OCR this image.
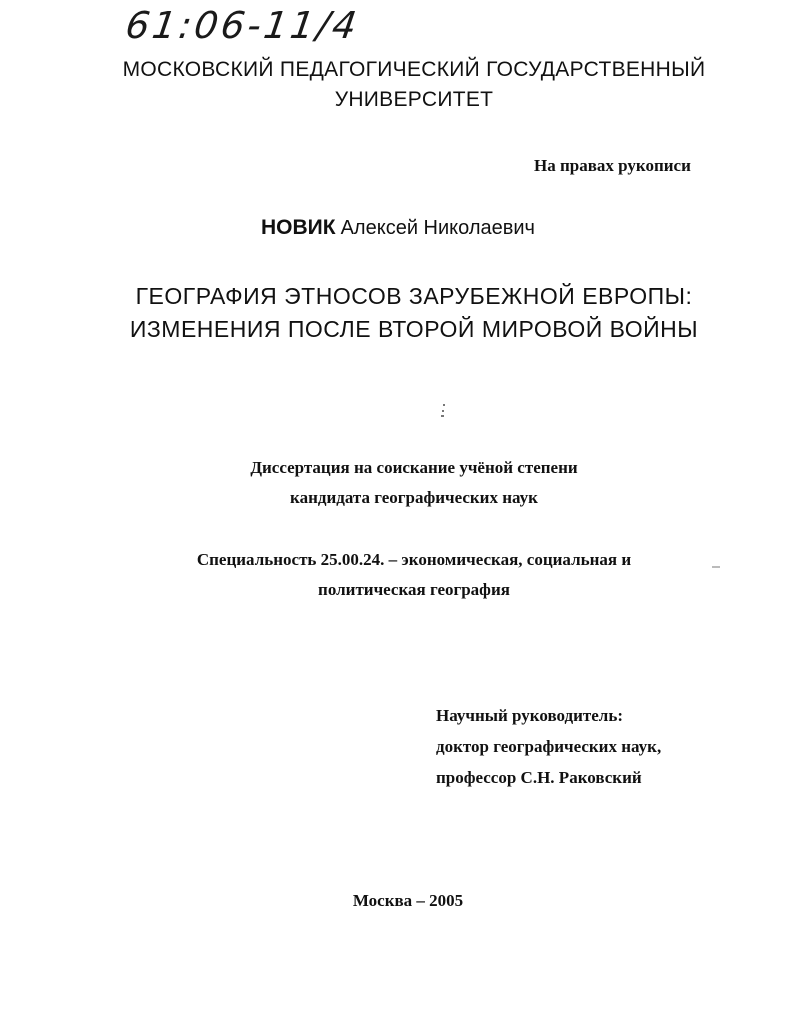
61:06-11/4
МОСКОВСКИЙ ПЕДАГОГИЧЕСКИЙ ГОСУДАРСТВЕННЫЙ
УНИВЕРСИТЕТ
На правах рукописи
НОВИК Алексей Николаевич
ГЕОГРАФИЯ ЭТНОСОВ ЗАРУБЕЖНОЙ ЕВРОПЫ:
ИЗМЕНЕНИЯ ПОСЛЕ ВТОРОЙ МИРОВОЙ ВОЙНЫ
Диссертация на соискание учёной степени
кандидата географических наук
Специальность 25.00.24. – экономическая, социальная и
политическая география
Научный руководитель:
доктор географических наук,
профессор С.Н. Раковский
Москва – 2005
